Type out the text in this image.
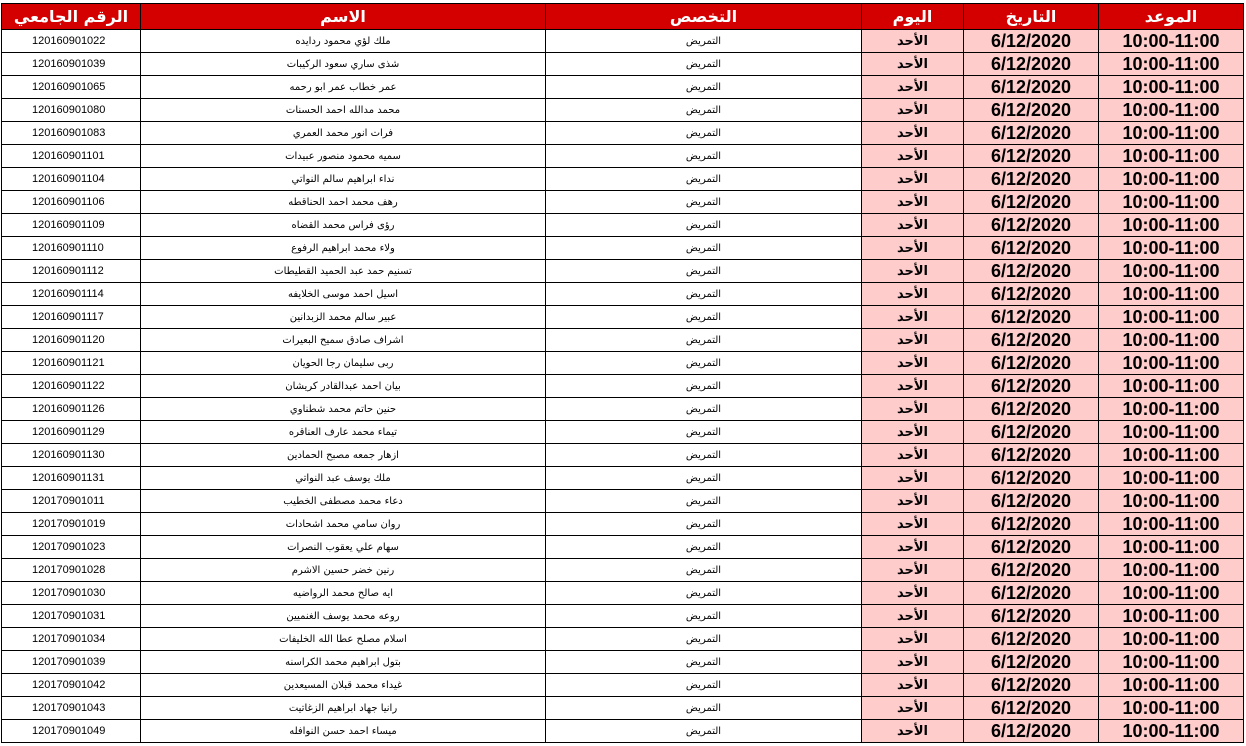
الرقم الجامعي	الاسم	التخصص	اليوم	التاريخ	الموعد
120160901022	ملك لؤي محمود ردايده	التمريض	الأحد	6/12/2020	10:00-11:00
120160901039	شذى ساري سعود الركيبات	التمريض	الأحد	6/12/2020	10:00-11:00
120160901065	عمر خطاب عمر ابو رحمه	التمريض	الأحد	6/12/2020	10:00-11:00
120160901080	محمد مدالله احمد الحسنات	التمريض	الأحد	6/12/2020	10:00-11:00
120160901083	فرات انور محمد العمري	التمريض	الأحد	6/12/2020	10:00-11:00
120160901101	سميه محمود منصور عبيدات	التمريض	الأحد	6/12/2020	10:00-11:00
120160901104	نداء ابراهيم سالم النواتي	التمريض	الأحد	6/12/2020	10:00-11:00
120160901106	رهف محمد احمد الحناقطه	التمريض	الأحد	6/12/2020	10:00-11:00
120160901109	رؤى فراس محمد القضاه	التمريض	الأحد	6/12/2020	10:00-11:00
120160901110	ولاء محمد ابراهيم الرفوع	التمريض	الأحد	6/12/2020	10:00-11:00
120160901112	تسنيم حمد عبد الحميد القطيطات	التمريض	الأحد	6/12/2020	10:00-11:00
120160901114	اسيل احمد موسى الخلايفه	التمريض	الأحد	6/12/2020	10:00-11:00
120160901117	عبير سالم محمد الزبدانين	التمريض	الأحد	6/12/2020	10:00-11:00
120160901120	اشراف صادق سميح البعيرات	التمريض	الأحد	6/12/2020	10:00-11:00
120160901121	ربى سليمان رجا الحويان	التمريض	الأحد	6/12/2020	10:00-11:00
120160901122	بيان احمد عبدالقادر كريشان	التمريض	الأحد	6/12/2020	10:00-11:00
120160901126	حنين حاتم محمد شطناوي	التمريض	الأحد	6/12/2020	10:00-11:00
120160901129	تيماء محمد عارف العناقره	التمريض	الأحد	6/12/2020	10:00-11:00
120160901130	ازهار جمعه مصبح الحمادين	التمريض	الأحد	6/12/2020	10:00-11:00
120160901131	ملك يوسف عبد النواتي	التمريض	الأحد	6/12/2020	10:00-11:00
120170901011	دعاء محمد مصطفى الخطيب	التمريض	الأحد	6/12/2020	10:00-11:00
120170901019	روان سامي محمد اشحادات	التمريض	الأحد	6/12/2020	10:00-11:00
120170901023	سهام علي يعقوب النصرات	التمريض	الأحد	6/12/2020	10:00-11:00
120170901028	رنين خضر حسين الاشرم	التمريض	الأحد	6/12/2020	10:00-11:00
120170901030	ايه صالح محمد الرواضيه	التمريض	الأحد	6/12/2020	10:00-11:00
120170901031	روعه محمد يوسف الغنميين	التمريض	الأحد	6/12/2020	10:00-11:00
120170901034	اسلام مصلح عطا الله الخليفات	التمريض	الأحد	6/12/2020	10:00-11:00
120170901039	بتول ابراهيم محمد الكراسنه	التمريض	الأحد	6/12/2020	10:00-11:00
120170901042	غيداء محمد قبلان المسيعدين	التمريض	الأحد	6/12/2020	10:00-11:00
120170901043	رانيا جهاد ابراهيم الزغاتيت	التمريض	الأحد	6/12/2020	10:00-11:00
120170901049	ميساء احمد حسن النوافله	التمريض	الأحد	6/12/2020	10:00-11:00
